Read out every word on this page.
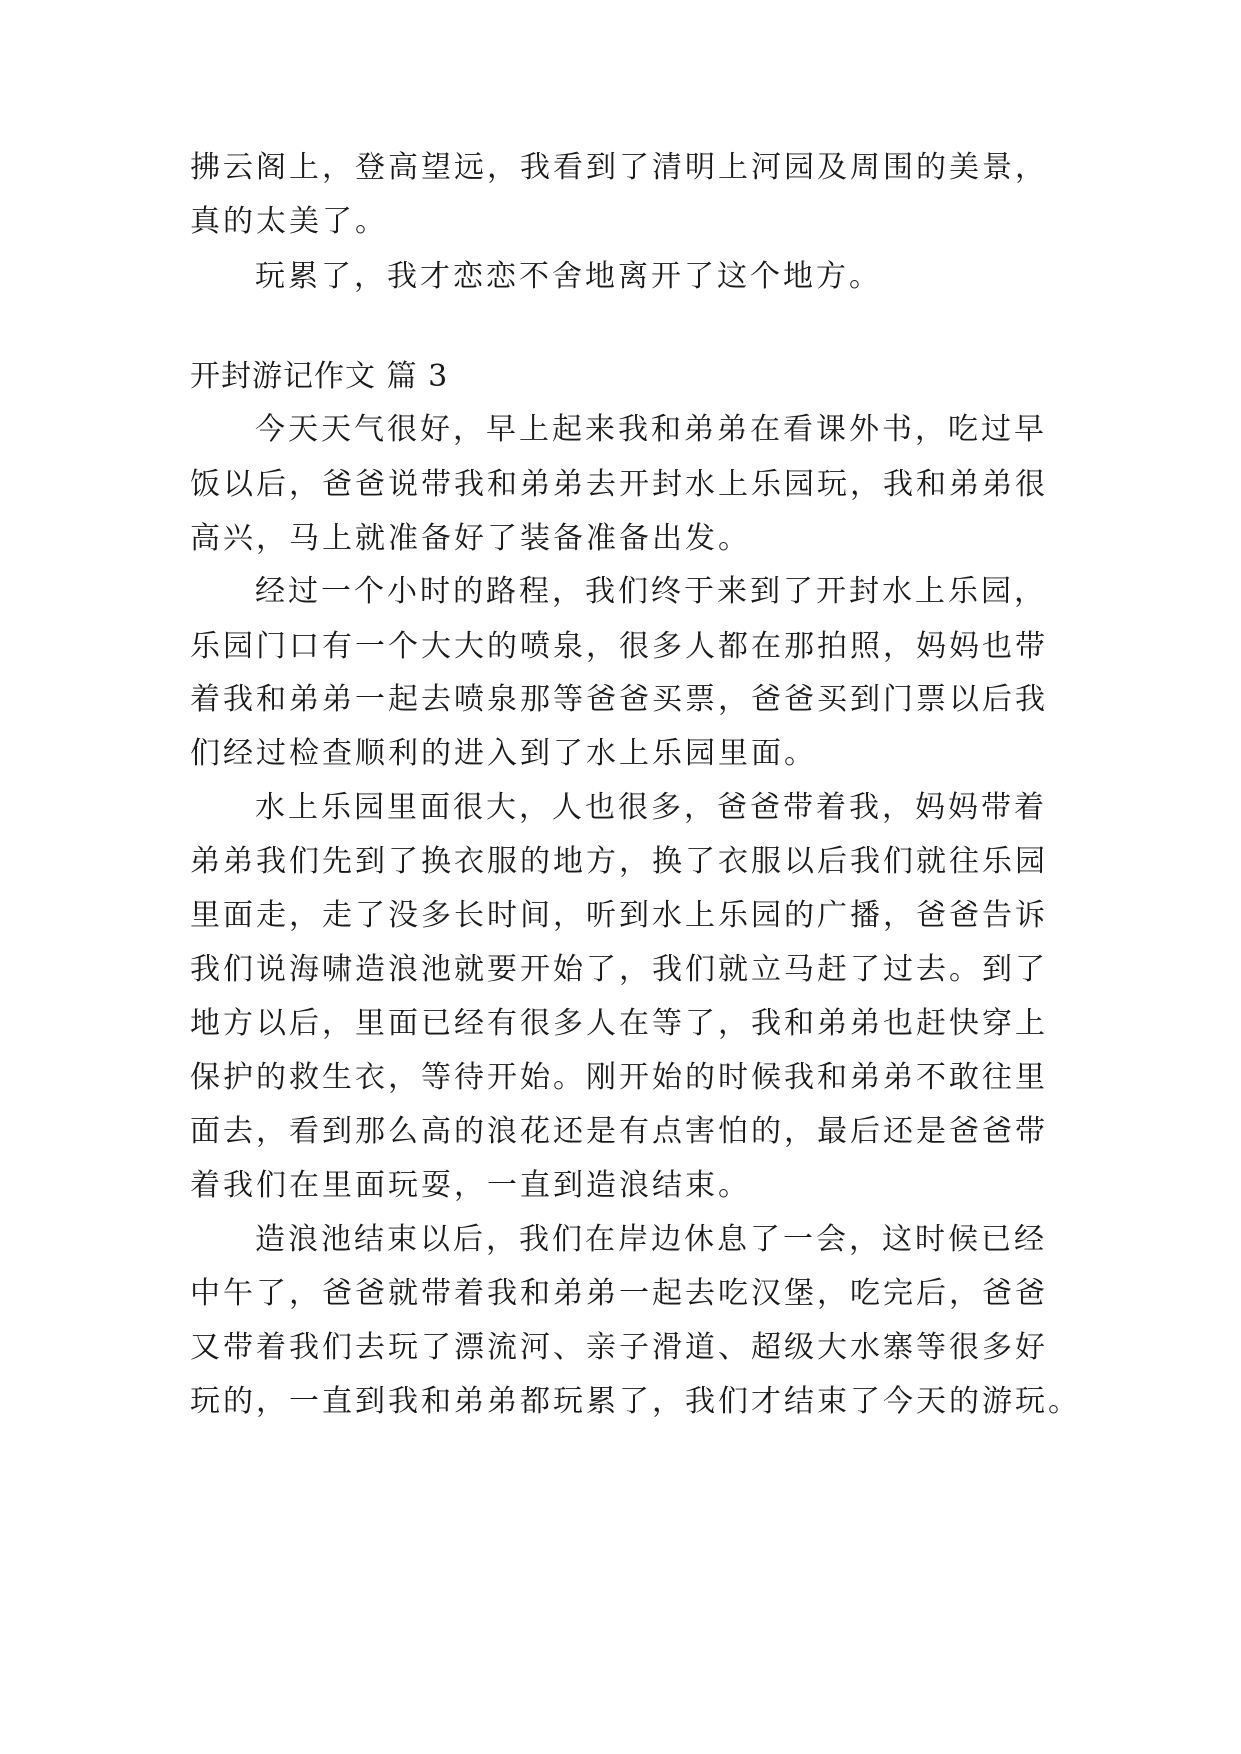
拂云阁上，登高望远，我看到了清明上河园及周围的美景，
真的太美了。
玩累了，我才恋恋不舍地离开了这个地方。
开封游记作文 篇 3
今天天气很好，早上起来我和弟弟在看课外书，吃过早
饭以后，爸爸说带我和弟弟去开封水上乐园玩，我和弟弟很
高兴，马上就准备好了装备准备出发。
经过一个小时的路程，我们终于来到了开封水上乐园，
乐园门口有一个大大的喷泉，很多人都在那拍照，妈妈也带
着我和弟弟一起去喷泉那等爸爸买票，爸爸买到门票以后我
们经过检查顺利的进入到了水上乐园里面。
水上乐园里面很大，人也很多，爸爸带着我，妈妈带着
弟弟我们先到了换衣服的地方，换了衣服以后我们就往乐园
里面走，走了没多长时间，听到水上乐园的广播，爸爸告诉
我们说海啸造浪池就要开始了，我们就立马赶了过去。到了
地方以后，里面已经有很多人在等了，我和弟弟也赶快穿上
保护的救生衣，等待开始。刚开始的时候我和弟弟不敢往里
面去，看到那么高的浪花还是有点害怕的，最后还是爸爸带
着我们在里面玩耍，一直到造浪结束。
造浪池结束以后，我们在岸边休息了一会，这时候已经
中午了，爸爸就带着我和弟弟一起去吃汉堡，吃完后，爸爸
又带着我们去玩了漂流河、亲子滑道、超级大水寨等很多好
玩的，一直到我和弟弟都玩累了，我们才结束了今天的游玩。
